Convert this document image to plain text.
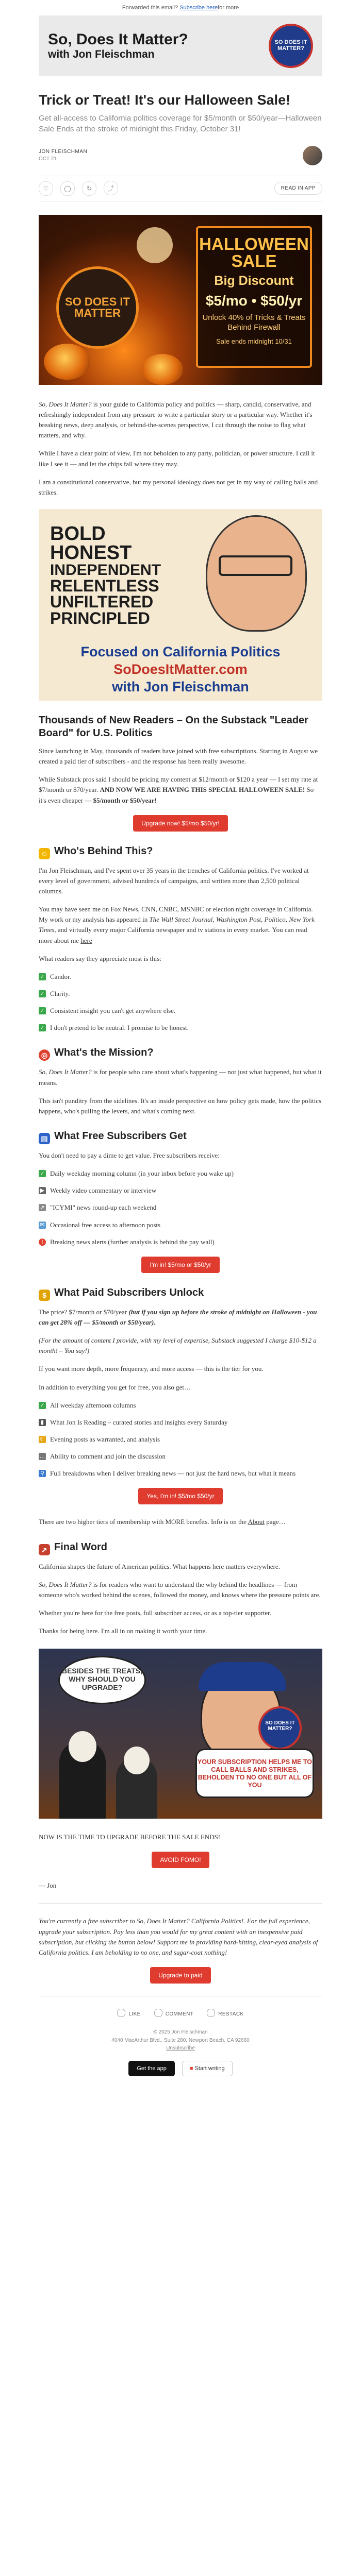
Forwarded this email? Subscribe here for more
So, Does It Matter?
with Jon Fleischman
SO DOES IT
MATTER?
Trick or Treat! It's our Halloween Sale!
Get all-access to California politics coverage for $5/month or $50/year—Halloween Sale Ends at the stroke of midnight this Friday, October 31!
JON FLEISCHMAN
OCT 21
♡ ◯	↻	⤴	READ IN APP
SO DOES IT
MATTER
HALLOWEEN
SALE
Big Discount
$5/mo • $50/yr
Unlock 40% of Tricks & Treats Behind Firewall
Sale ends midnight 10/31

So, Does It Matter? is your guide to California policy and politics — sharp, candid, conservative, and refreshingly independent from any pressure to write a particular story or a particular way. Whether it's breaking news, deep analysis, or behind-the-scenes perspective, I cut through the noise to flag what matters, and why.

While I have a clear point of view, I'm not beholden to any party, politician, or power structure. I call it like I see it — and let the chips fall where they may.

I am a constitutional conservative, but my personal ideology does not get in my way of calling balls and strikes.

BOLD
HONEST
INDEPENDENT
RELENTLESS
UNFILTERED
PRINCIPLED
Focused on California Politics
SoDoesItMatter.com
with Jon Fleischman
Thousands of New Readers – On the Substack "Leader Board" for U.S. Politics

Since launching in May, thousands of readers have joined with free subscriptions. Starting in August we created a paid tier of subscribers - and the response has been really awesome.

While Substack pros said I should be pricing my content at $12/month or $120 a year — I set my rate at $7/month or $70/year. AND NOW WE ARE HAVING THIS SPECIAL HALLOWEEN SALE! So it's even cheaper — $5/month or $50/year!

Upgrade now! $5/mo $50/yr!
☺ Who's Behind This?

I'm Jon Fleischman, and I've spent over 35 years in the trenches of California politics. I've worked at every level of government, advised hundreds of campaigns, and written more than 2,500 political columns.

You may have seen me on Fox News, CNN, CNBC, MSNBC or election night coverage in California. My work or my analysis has appeared in The Wall Street Journal, Washington Post, Politico, New York Times, and virtually every major California newspaper and tv stations in every market. You can read more about me here

What readers say they appreciate most is this:

✓ Candor.
✓ Clarity.
✓ Consistent insight you can't get anywhere else.
✓ I don't pretend to be neutral. I promise to be honest.
◎ What's the Mission?

So, Does It Matter? is for people who care about what's happening — not just what happened, but what it means.

This isn't punditry from the sidelines. It's an inside perspective on how policy gets made, how the politics happens, who's pulling the levers, and what's coming next.

▤ What Free Subscribers Get

You don't need to pay a dime to get value. Free subscribers receive:

✓ Daily weekday morning column (in your inbox before you wake up)
▶ Weekly video commentary or interview
➚ "ICYMI" news round-up each weekend
✉ Occasional free access to afternoon posts
!	Breaking news alerts (further analysis is behind the pay wall)
I'm in! $5/mo or $50/yr
$ What Paid Subscribers Unlock

The price? $7/month or $70/year (but if you sign up before the stroke of midnight on Halloween - you can get 28% off — $5/month or $50/year).

(For the amount of content I provide, with my level of expertise, Substack suggested I charge $10-$12 a month! – You say!)

If you want more depth, more frequency, and more access — this is the tier for you.

In addition to everything you get for free, you also get…

✓ All weekday afternoon columns
▮ What Jon Is Reading – curated stories and insights every Saturday
☾ Evening posts as warranted, and analysis
… Ability to comment and join the discussion
⚲ Full breakdowns when I deliver breaking news — not just the hard news, but what it means
Yes, I'm in! $5/mo $50/yr

There are two higher tiers of membership with MORE benefits. Info is on the About page…

➚ Final Word

California shapes the future of American politics. What happens here matters everywhere.

So, Does It Matter? is for readers who want to understand the why behind the headlines — from someone who's worked behind the scenes, followed the money, and knows where the pressure points are.

Whether you're here for the free posts, full subscriber access, or as a top-tier supporter.

Thanks for being here. I'm all in on making it worth your time.

BESIDES THE TREATS, WHY SHOULD YOU UPGRADE?
SO DOES IT MATTER?
YOUR SUBSCRIPTION HELPS ME TO CALL BALLS AND STRIKES, BEHOLDEN TO NO ONE BUT ALL OF YOU

NOW IS THE TIME TO UPGRADE BEFORE THE SALE ENDS!

AVOID FOMO!

— Jon

You're currently a free subscriber to So, Does It Matter? California Politics!. For the full experience, upgrade your subscription. Pay less than you would for my great content with an inexpensive paid subscription, but clicking the button below! Support me in providing hard-hitting, clear-eyed analysis of California politics. I am beholding to no one, and sugar-coat nothing!

Upgrade to paid
LIKE	COMMENT	RESTACK
© 2025 Jon Fleischman
4040 MacArthur Blvd., Suite 280, Newport Beach, CA 92660
Unsubscribe
Get the app	■ Start writing
